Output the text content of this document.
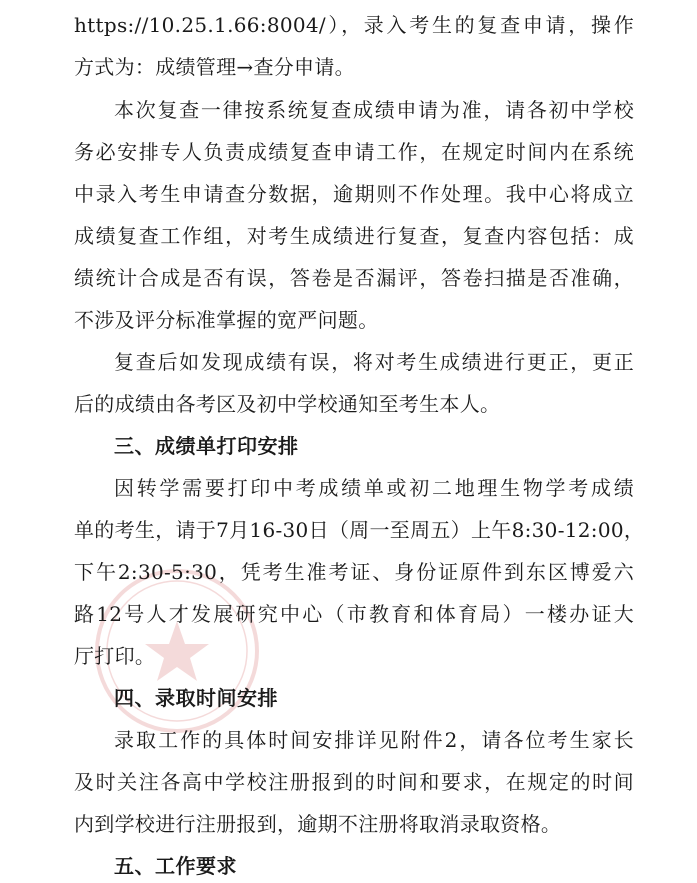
https://10.25.1.66:8004/），录入考生的复查申请，操作
方式为：成绩管理→查分申请。
本次复查一律按系统复查成绩申请为准，请各初中学校
务必安排专人负责成绩复查申请工作，在规定时间内在系统
中录入考生申请查分数据，逾期则不作处理。我中心将成立
成绩复查工作组，对考生成绩进行复查，复查内容包括：成
绩统计合成是否有误，答卷是否漏评，答卷扫描是否准确，
不涉及评分标准掌握的宽严问题。
复查后如发现成绩有误，将对考生成绩进行更正，更正
后的成绩由各考区及初中学校通知至考生本人。
三、成绩单打印安排
因转学需要打印中考成绩单或初二地理生物学考成绩
单的考生，请于7月16-30日（周一至周五）上午8:30-12:00，
下午2:30-5:30，凭考生准考证、身份证原件到东区博爱六
路12号人才发展研究中心（市教育和体育局）一楼办证大
厅打印。
四、录取时间安排
录取工作的具体时间安排详见附件2，请各位考生家长
及时关注各高中学校注册报到的时间和要求，在规定的时间
内到学校进行注册报到，逾期不注册将取消录取资格。
五、工作要求
